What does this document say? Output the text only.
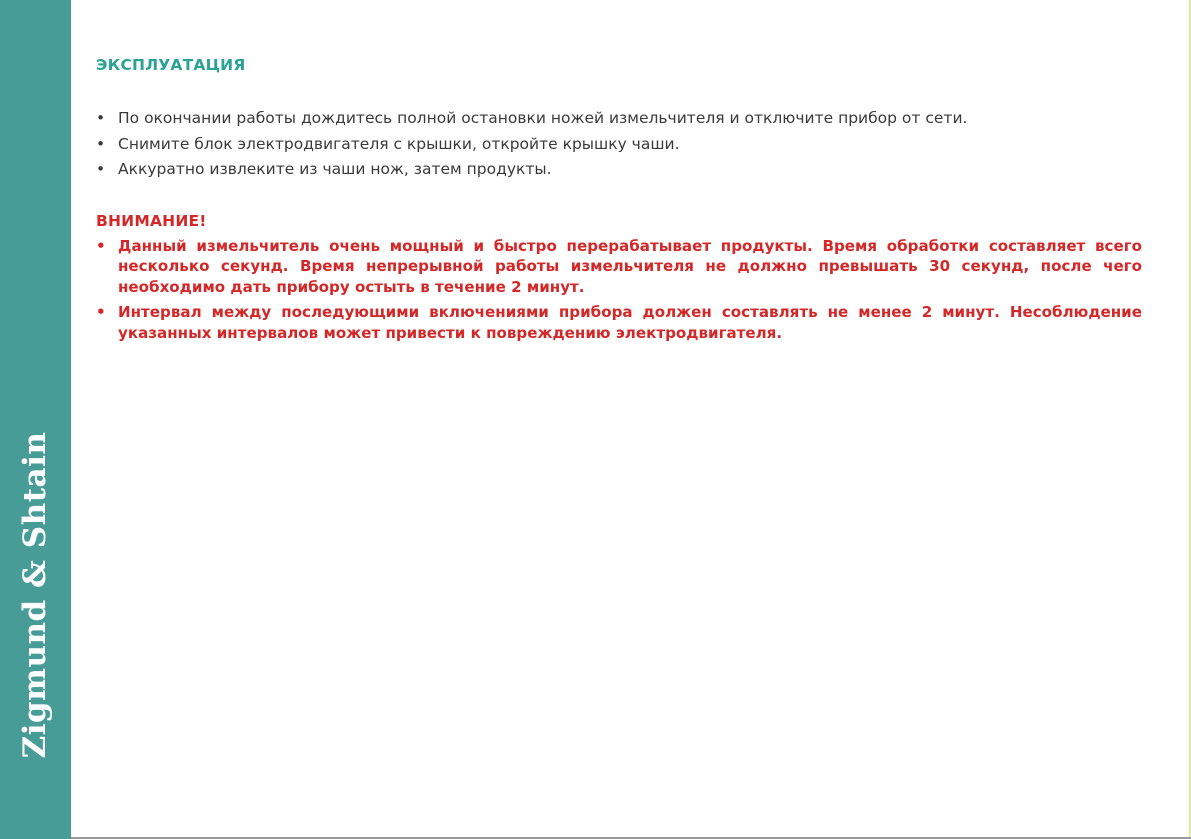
Zigmund & Shtain
ЭКСПЛУАТАЦИЯ
• По окончании работы дождитесь полной остановки ножей измельчителя и отключите прибор от сети.
• Снимите блок электродвигателя с крышки, откройте крышку чаши.
• Аккуратно извлеките из чаши нож, затем продукты.
ВНИМАНИЕ!
• Данный измельчитель очень мощный и быстро перерабатывает продукты. Время обработки составляет всего несколько секунд. Время непрерывной работы измельчителя не должно превышать 30 секунд, после чего необходимо дать прибору остыть в течение 2 минут.
• Интервал между последующими включениями прибора должен составлять не менее 2 минут. Несоблюдение указанных интервалов может привести к повреждению электродвигателя.
